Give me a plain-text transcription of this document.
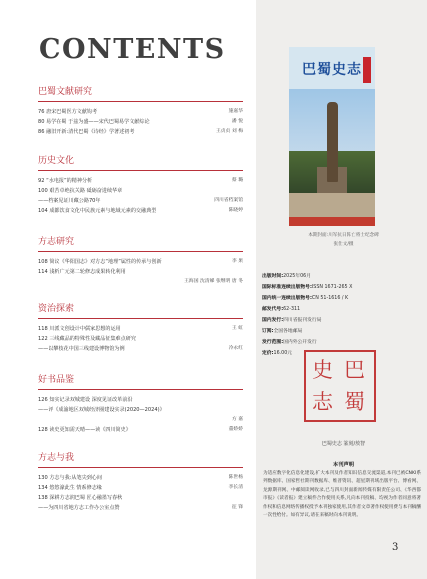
CONTENTS
巴蜀文献研究
76 唐宋巴蜀医方文献钩考	施嘉华
80 易学在蜀 于兹为盛——宋代巴蜀易学文献综论	潘 悦
86 融旧开新:清代巴蜀《诗经》学著述初考	王贞贞 刘 梅
历史文化
92 “水电报”的精神分析	蔡 璐
100 艰苦卓绝抗关路 砥砺奋进续华章
——档案见证川藏公路70年	四川省档案馆
104 成都饮食文化中民族元素与地域元素的交融典型	陈晓婷
方志研究
108 简议《华阳国志》对方志“地理”属性的传承与创新	李 果
114 浅析广元第二轮修志成果转化利用
王海国 沈清娣 张继明 唐 冬
资治探索
118 川派文创设计中儒家思想的运用	王 虹
122 三线藏品的特殊性及藏品征集难点研究
——以攀枝花中国三线建设博物馆为例	冷永红
好书品鉴
126 知实记录双城建设 深度见证改革前沿
——评《成渝地区双城经济圈建设实录(2020—2024)》
方 嘉
128 读史更知需天晴——读《四川简史》	董娇娇
方志与我
130 方志与我:从笔尖到心间	陈世杨
134 悠悠濠此生 情系修志缘	李长清
138 深耕方志润巴蜀 匠心融墨写春秋
——为四川省地方志工作办公室点赞	征 锋
巴蜀史志
本期封面:川军抗日阵亡将士纪念碑
张仕文/摄
出版时间:2025年06月
国际标准连续出版物号:ISSN 1671-265 X
国内统一连续出版物号:CN 51-1616 / K
邮发代号:62-311
国内发行:四川省报刊发行局
订阅:全国各地邮局
发行范围:国内外公开发行
定价:16.00元
巴
蜀
史
志
巴蜀史志 篆刻/敖智
本刊声明
为适应数字化信息化建设,扩大本刊及作者知识信息交流渠道,本刊已被CNKI系列数据库、国家哲社期刊数据库、维普资讯、超星期刊域出版平台、博看网、龙源期刊网、中邮阅读网收录,已与四川封面新闻传媒有限责任公司、《华西都市报》《读者报》建立稿件合作使用关系,凡向本刊投稿、均视为作者同意将著作权和信息网络传播权授予本刊独家使用,其作者文章著作权使用费与本刊稿酬一次性给付。如有异议,请在来稿时向本刊说明。
3
